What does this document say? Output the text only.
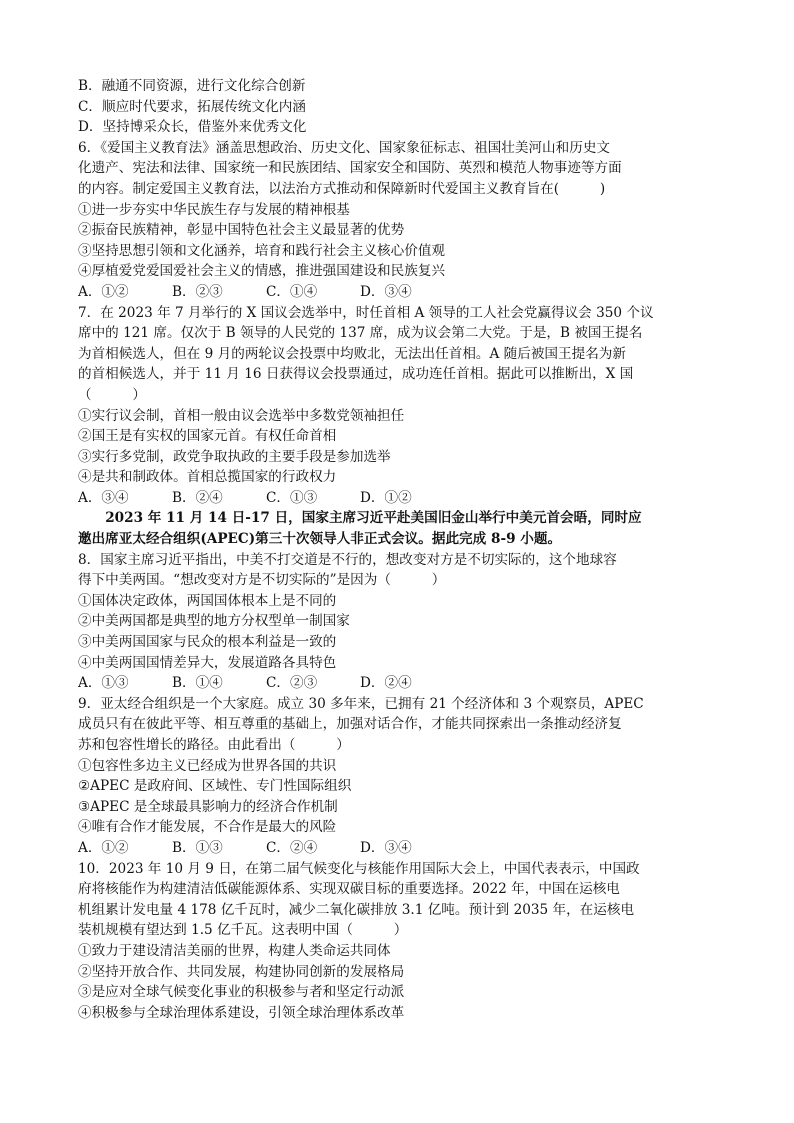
B．融通不同资源，进行文化综合创新
C．顺应时代要求，拓展传统文化内涵
D．坚持博采众长，借鉴外来优秀文化
6．《爱国主义教育法》涵盖思想政治、历史文化、国家象征标志、祖国壮美河山和历史文
化遗产、宪法和法律、国家统一和民族团结、国家安全和国防、英烈和模范人物事迹等方面
的内容。制定爱国主义教育法，以法治方式推动和保障新时代爱国主义教育旨在(　　　)
①进一步夯实中华民族生存与发展的精神根基
②振奋民族精神，彰显中国特色社会主义最显著的优势
③坚持思想引领和文化涵养，培育和践行社会主义核心价值观
④厚植爱党爱国爱社会主义的情感，推进强国建设和民族复兴
A．①②	B．②③	C．①④	D．③④
7．在 2023 年 7 月举行的 X 国议会选举中，时任首相 A 领导的工人社会党赢得议会 350 个议
席中的 121 席。仅次于 B 领导的人民党的 137 席，成为议会第二大党。于是，B 被国王提名
为首相候选人，但在 9 月的两轮议会投票中均败北，无法出任首相。A 随后被国王提名为新
的首相候选人，并于 11 月 16 日获得议会投票通过，成功连任首相。据此可以推断出，X 国
（　　　）
①实行议会制，首相一般由议会选举中多数党领袖担任
②国王是有实权的国家元首。有权任命首相
③实行多党制，政党争取执政的主要手段是参加选举
④是共和制政体。首相总揽国家的行政权力
A．③④	B．②④	C．①③	D．①②
2023 年 11 月 14 日-17 日，国家主席习近平赴美国旧金山举行中美元首会晤，同时应
邀出席亚太经合组织(APEC)第三十次领导人非正式会议。据此完成 8-9 小题。
8．国家主席习近平指出，中美不打交道是不行的，想改变对方是不切实际的，这个地球容
得下中美两国。“想改变对方是不切实际的”是因为（　　　）
①国体决定政体，两国国体根本上是不同的
②中美两国都是典型的地方分权型单一制国家
③中美两国国家与民众的根本利益是一致的
④中美两国国情差异大，发展道路各具特色
A．①③	B．①④	C．②③	D．②④
9．亚太经合组织是一个大家庭。成立 30 多年来，已拥有 21 个经济体和 3 个观察员，APEC
成员只有在彼此平等、相互尊重的基础上，加强对话合作，才能共同探索出一条推动经济复
苏和包容性增长的路径。由此看出（　　　）
①包容性多边主义已经成为世界各国的共识
②APEC 是政府间、区域性、专门性国际组织
③APEC 是全球最具影响力的经济合作机制
④唯有合作才能发展，不合作是最大的风险
A．①②	B．①③	C．②④	D．③④
10．2023 年 10 月 9 日，在第二届气候变化与核能作用国际大会上，中国代表表示，中国政
府将核能作为构建清洁低碳能源体系、实现双碳目标的重要选择。2022 年，中国在运核电
机组累计发电量 4 178 亿千瓦时，减少二氧化碳排放 3.1 亿吨。预计到 2035 年，在运核电
装机规模有望达到 1.5 亿千瓦。这表明中国（　　　）
①致力于建设清洁美丽的世界，构建人类命运共同体
②坚持开放合作、共同发展，构建协同创新的发展格局
③是应对全球气候变化事业的积极参与者和坚定行动派
④积极参与全球治理体系建设，引领全球治理体系改革
